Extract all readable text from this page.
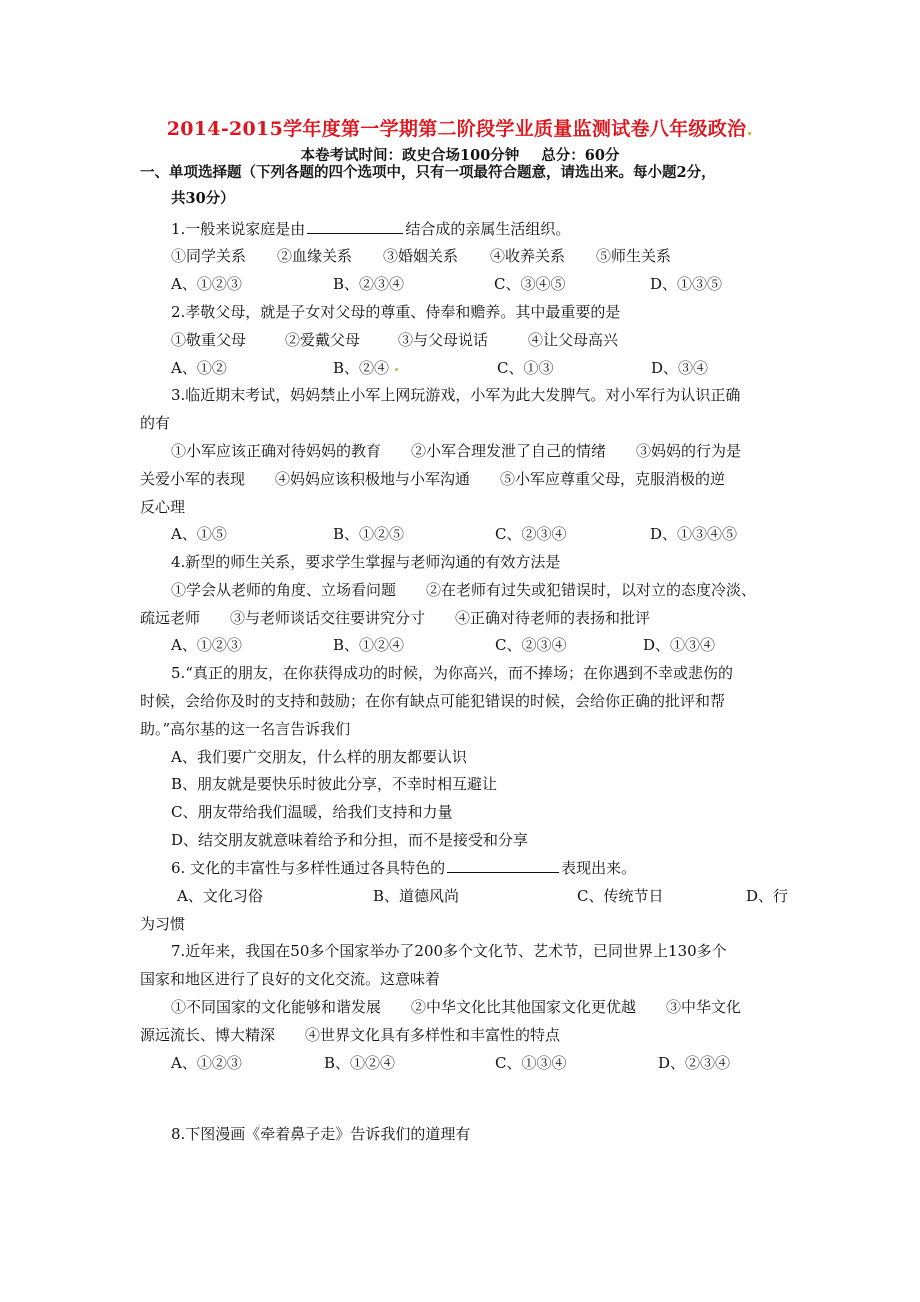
2014-2015学年度第一学期第二阶段学业质量监测试卷八年级政治.
本卷考试时间：政史合场100分钟 总分：60分
一、单项选择题（下列各题的四个选项中，只有一项最符合题意，请选出来。每小题2分，
共30分）
1.一般来说家庭是由	结合成的亲属生活组织。
①同学关系 ②血缘关系 ③婚姻关系 ④收养关系 ⑤师生关系
A、①②③	B、②③④	C、③④⑤	D、①③⑤
2.孝敬父母，就是子女对父母的尊重、侍奉和赡养。其中最重要的是
①敬重父母	②爱戴父母	③与父母说话	④让父母高兴
A、①②	B、②④	C、①③	D、③④
3.临近期末考试，妈妈禁止小军上网玩游戏，小军为此大发脾气。对小军行为认识正确
的有
①小军应该正确对待妈妈的教育　　②小军合理发泄了自己的情绪　　③妈妈的行为是
关爱小军的表现　　④妈妈应该积极地与小军沟通　　⑤小军应尊重父母，克服消极的逆
反心理
A、①⑤	B、①②⑤	C、②③④	D、①③④⑤
4.新型的师生关系，要求学生掌握与老师沟通的有效方法是
①学会从老师的角度、立场看问题　　②在老师有过失或犯错误时，以对立的态度冷淡、
疏远老师　　③与老师谈话交往要讲究分寸　　④正确对待老师的表扬和批评
A、①②③	B、①②④	C、②③④	D、①③④
5.“真正的朋友，在你获得成功的时候，为你高兴，而不捧场；在你遇到不幸或悲伤的
时候，会给你及时的支持和鼓励；在你有缺点可能犯错误的时候，会给你正确的批评和帮
助。”高尔基的这一名言告诉我们
A、我们要广交朋友，什么样的朋友都要认识
B、朋友就是要快乐时彼此分享，不幸时相互避让
C、朋友带给我们温暖，给我们支持和力量
D、结交朋友就意味着给予和分担，而不是接受和分享
6. 文化的丰富性与多样性通过各具特色的	表现出来。
A、文化习俗	B、道德风尚	C、传统节日	D、行
为习惯
7.近年来，我国在50多个国家举办了200多个文化节、艺术节，已同世界上130多个
国家和地区进行了良好的文化交流。这意味着
①不同国家的文化能够和谐发展　　②中华文化比其他国家文化更优越　　③中华文化
源远流长、博大精深　　④世界文化具有多样性和丰富性的特点
A、①②③	B、①②④	C、①③④	D、②③④
8.下图漫画《牵着鼻子走》告诉我们的道理有
